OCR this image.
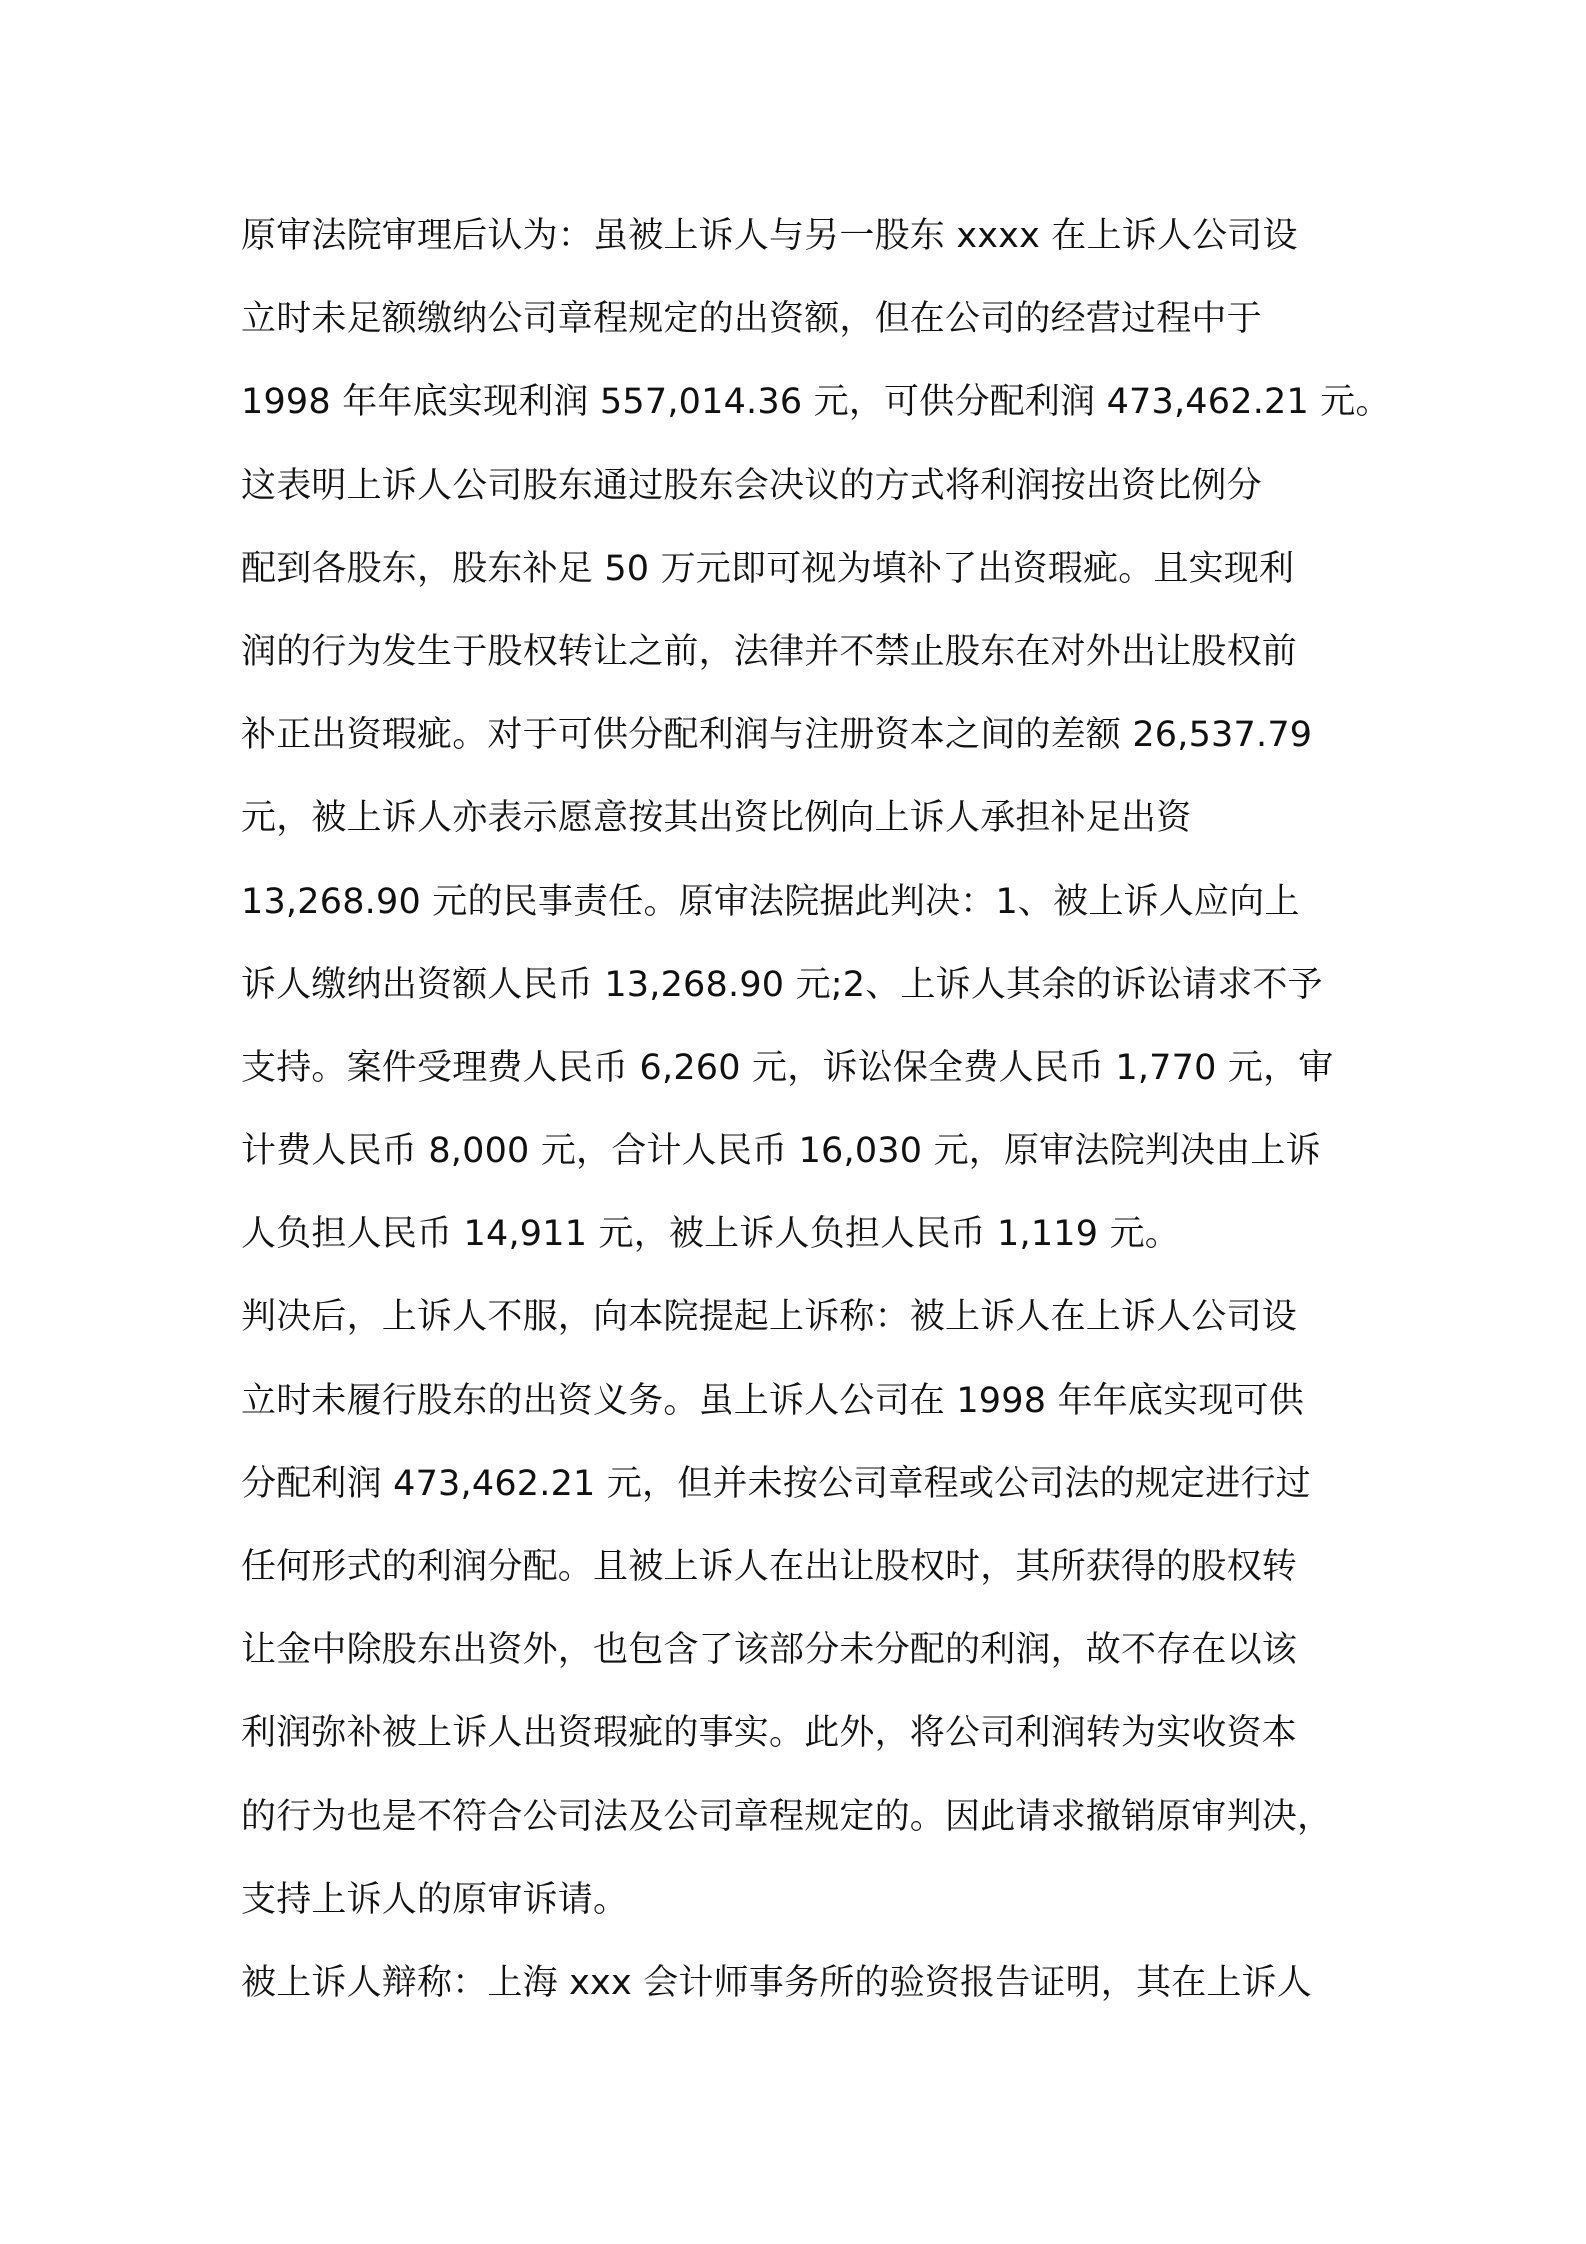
原审法院审理后认为：虽被上诉人与另一股东 xxxx 在上诉人公司设
立时未足额缴纳公司章程规定的出资额，但在公司的经营过程中于
1998 年年底实现利润 557,014.36 元，可供分配利润 473,462.21 元。
这表明上诉人公司股东通过股东会决议的方式将利润按出资比例分
配到各股东，股东补足 50 万元即可视为填补了出资瑕疵。且实现利
润的行为发生于股权转让之前，法律并不禁止股东在对外出让股权前
补正出资瑕疵。对于可供分配利润与注册资本之间的差额 26,537.79
元，被上诉人亦表示愿意按其出资比例向上诉人承担补足出资
13,268.90 元的民事责任。原审法院据此判决：1、被上诉人应向上
诉人缴纳出资额人民币 13,268.90 元;2、上诉人其余的诉讼请求不予
支持。案件受理费人民币 6,260 元，诉讼保全费人民币 1,770 元，审
计费人民币 8,000 元，合计人民币 16,030 元，原审法院判决由上诉
人负担人民币 14,911 元，被上诉人负担人民币 1,119 元。
判决后，上诉人不服，向本院提起上诉称：被上诉人在上诉人公司设
立时未履行股东的出资义务。虽上诉人公司在 1998 年年底实现可供
分配利润 473,462.21 元，但并未按公司章程或公司法的规定进行过
任何形式的利润分配。且被上诉人在出让股权时，其所获得的股权转
让金中除股东出资外，也包含了该部分未分配的利润，故不存在以该
利润弥补被上诉人出资瑕疵的事实。此外，将公司利润转为实收资本
的行为也是不符合公司法及公司章程规定的。因此请求撤销原审判决，
支持上诉人的原审诉请。
被上诉人辩称：上海 xxx 会计师事务所的验资报告证明，其在上诉人
